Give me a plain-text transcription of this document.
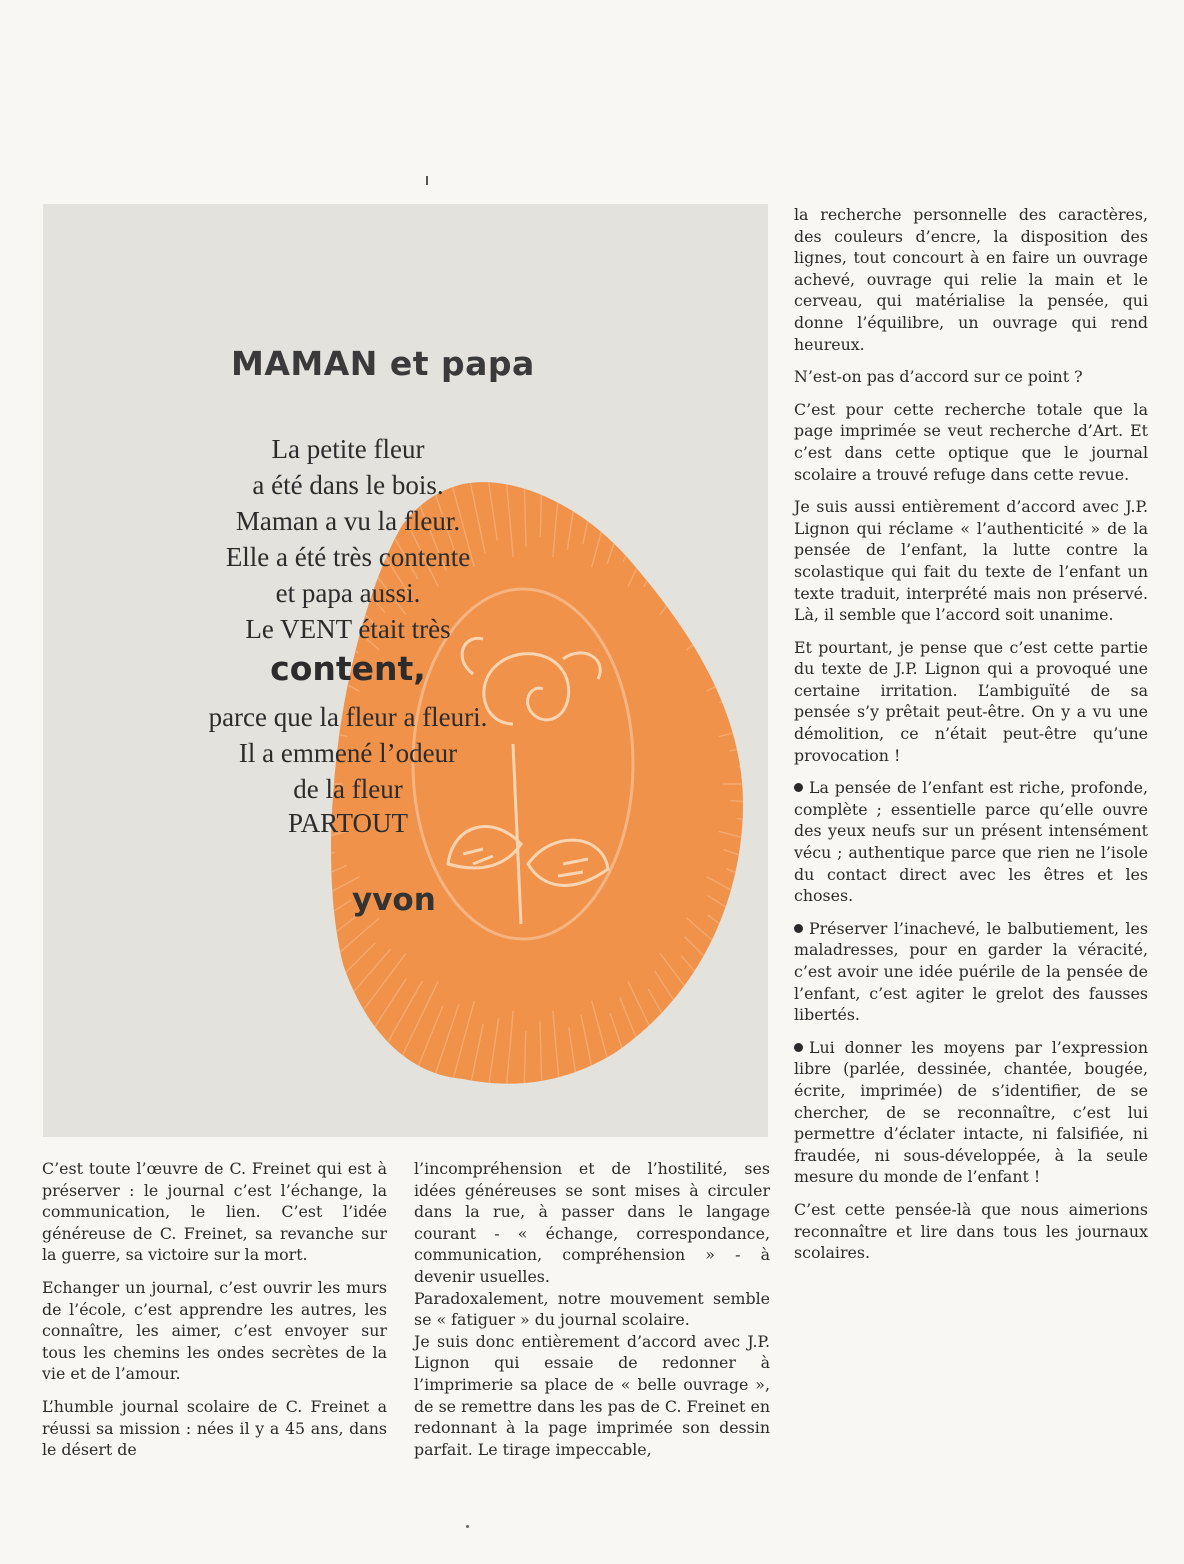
MAMAN et papa
La petite fleur
a été dans le bois.
Maman a vu la fleur.
Elle a été très contente
et papa aussi.
Le VENT était très
content,
parce que la fleur a fleuri.
Il a emmené l’odeur
de la fleur
PARTOUT
yvon

C’est toute l’œuvre de C. Freinet qui est à préserver : le journal c’est l’échange, la communication, le lien. C’est l’idée généreuse de C. Freinet, sa revanche sur la guerre, sa victoire sur la mort.

Echanger un journal, c’est ouvrir les murs de l’école, c’est apprendre les autres, les connaître, les aimer, c’est envoyer sur tous les chemins les ondes secrètes de la vie et de l’amour.

L’humble journal scolaire de C. Freinet a réussi sa mission : nées il y a 45 ans, dans le désert de

l’incompréhension et de l’hostilité, ses idées généreuses se sont mises à circuler dans la rue, à passer dans le langage courant - « échange, correspondance, communication, compréhension » - à devenir usuelles.

Paradoxalement, notre mouvement semble se « fatiguer » du journal scolaire.

Je suis donc entièrement d’accord avec J.P. Lignon qui essaie de redonner à l’imprimerie sa place de « belle ouvrage », de se remettre dans les pas de C. Freinet en redonnant à la page imprimée son dessin parfait. Le tirage impeccable,

la recherche personnelle des caractères, des couleurs d’encre, la disposition des lignes, tout concourt à en faire un ouvrage achevé, ouvrage qui relie la main et le cerveau, qui matérialise la pensée, qui donne l’équilibre, un ouvrage qui rend heureux.

N’est-on pas d’accord sur ce point ?

C’est pour cette recherche totale que la page imprimée se veut recherche d’Art. Et c’est dans cette optique que le journal scolaire a trouvé refuge dans cette revue.

Je suis aussi entièrement d’accord avec J.P. Lignon qui réclame « l’authenticité » de la pensée de l’enfant, la lutte contre la scolastique qui fait du texte de l’enfant un texte traduit, interprété mais non préservé. Là, il semble que l’accord soit unanime.

Et pourtant, je pense que c’est cette partie du texte de J.P. Lignon qui a provoqué une certaine irritation. L’ambiguïté de sa pensée s’y prêtait peut-être. On y a vu une démolition, ce n’était peut-être qu’une provocation !

La pensée de l’enfant est riche, profonde, complète ; essentielle parce qu’elle ouvre des yeux neufs sur un présent intensément vécu ; authentique parce que rien ne l’isole du contact direct avec les êtres et les choses.

Préserver l’inachevé, le balbutiement, les maladresses, pour en garder la véracité, c’est avoir une idée puérile de la pensée de l’enfant, c’est agiter le grelot des fausses libertés.

Lui donner les moyens par l’expression libre (parlée, dessinée, chantée, bougée, écrite, imprimée) de s’identifier, de se chercher, de se reconnaître, c’est lui permettre d’éclater intacte, ni falsifiée, ni fraudée, ni sous-développée, à la seule mesure du monde de l’enfant !

C’est cette pensée-là que nous aimerions reconnaître et lire dans tous les journaux scolaires.
